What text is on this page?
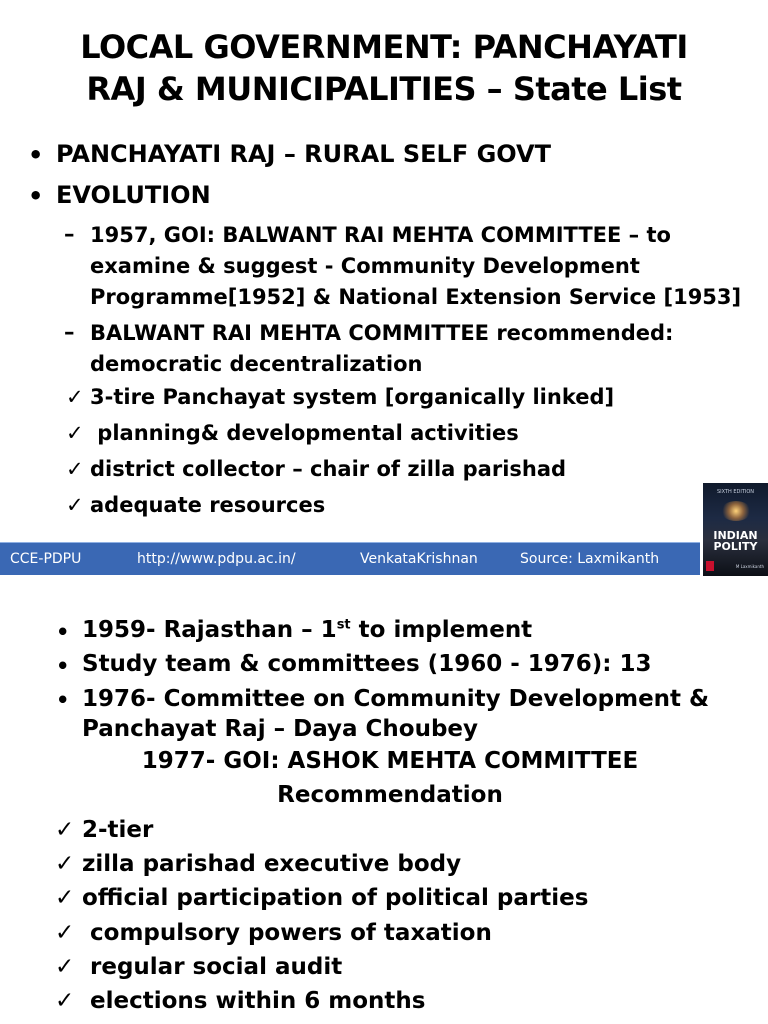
LOCAL GOVERNMENT: PANCHAYATI
RAJ & MUNICIPALITIES – State List
• PANCHAYATI RAJ – RURAL SELF GOVT
• EVOLUTION
– 1957, GOI: BALWANT RAI MEHTA COMMITTEE – to
examine & suggest - Community Development
Programme[1952] & National Extension Service [1953]
– BALWANT RAI MEHTA COMMITTEE recommended:
democratic decentralization
✓ 3-tire Panchayat system [organically linked]
✓ planning& developmental activities
✓ district collector – chair of zilla parishad
✓ adequate resources
CCE-PDPU	http://www.pdpu.ac.in/	VenkataKrishnan	Source: Laxmikanth
SIXTH EDITION
INDIAN
POLITY
M Laxmikanth
• 1959- Rajasthan – 1st to implement
• Study team & committees (1960 - 1976): 13
• 1976- Committee on Community Development &
Panchayat Raj – Daya Choubey
1977- GOI: ASHOK MEHTA COMMITTEE
Recommendation
✓ 2-tier
✓ zilla parishad executive body
✓ official participation of political parties
✓ compulsory powers of taxation
✓ regular social audit
✓ elections within 6 months
